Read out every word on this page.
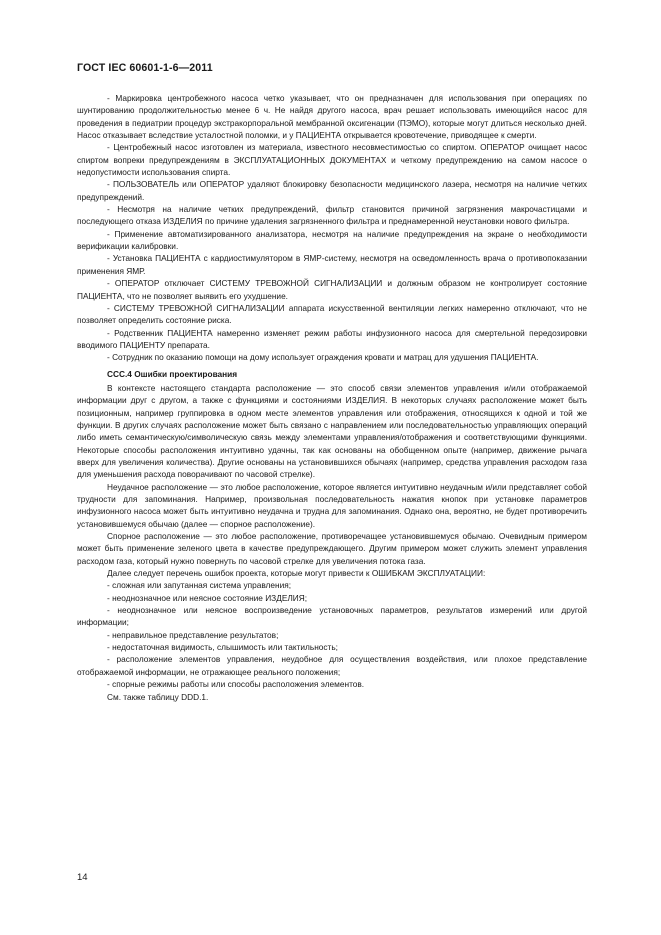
ГОСТ IEC 60601-1-6—2011

- Маркировка центробежного насоса четко указывает, что он предназначен для использования при операциях по шунтированию продолжительностью менее 6 ч. Не найдя другого насоса, врач решает использовать имеющийся насос для проведения в педиатрии процедур экстракорпоральной мембранной оксигенации (ПЭМО), которые могут длиться несколько дней. Насос отказывает вследствие усталостной поломки, и у ПАЦИЕНТА открывается кровотечение, приводящее к смерти.

- Центробежный насос изготовлен из материала, известного несовместимостью со спиртом. ОПЕРАТОР очищает насос спиртом вопреки предупреждениям в ЭКСПЛУАТАЦИОННЫХ ДОКУМЕНТАХ и четкому предупреждению на самом насосе о недопустимости использования спирта.

- ПОЛЬЗОВАТЕЛЬ или ОПЕРАТОР удаляют блокировку безопасности медицинского лазера, несмотря на наличие четких предупреждений.

- Несмотря на наличие четких предупреждений, фильтр становится причиной загрязнения макрочастицами и последующего отказа ИЗДЕЛИЯ по причине удаления загрязненного фильтра и преднамеренной неустановки нового фильтра.

- Применение автоматизированного анализатора, несмотря на наличие предупреждения на экране о необходимости верификации калибровки.

- Установка ПАЦИЕНТА с кардиостимулятором в ЯМР-систему, несмотря на осведомленность врача о противопоказании применения ЯМР.

- ОПЕРАТОР отключает СИСТЕМУ ТРЕВОЖНОЙ СИГНАЛИЗАЦИИ и должным образом не контролирует состояние ПАЦИЕНТА, что не позволяет выявить его ухудшение.

- СИСТЕМУ ТРЕВОЖНОЙ СИГНАЛИЗАЦИИ аппарата искусственной вентиляции легких намеренно отключают, что не позволяет определить состояние риска.

- Родственник ПАЦИЕНТА намеренно изменяет режим работы инфузионного насоса для смертельной передозировки вводимого ПАЦИЕНТУ препарата.

- Сотрудник по оказанию помощи на дому использует ограждения кровати и матрац для удушения ПАЦИЕНТА.

CCC.4 Ошибки проектирования

В контексте настоящего стандарта расположение — это способ связи элементов управления и/или отображаемой информации друг с другом, а также с функциями и состояниями ИЗДЕЛИЯ. В некоторых случаях расположение может быть позиционным, например группировка в одном месте элементов управления или отображения, относящихся к одной и той же функции. В других случаях расположение может быть связано с направлением или последовательностью управляющих операций либо иметь семантическую/символическую связь между элементами управления/отображения и соответствующими функциями. Некоторые способы расположения интуитивно удачны, так как основаны на обобщенном опыте (например, движение рычага вверх для увеличения количества). Другие основаны на установившихся обычаях (например, средства управления расходом газа для уменьшения расхода поворачивают по часовой стрелке).

Неудачное расположение — это любое расположение, которое является интуитивно неудачным и/или представляет собой трудности для запоминания. Например, произвольная последовательность нажатия кнопок при установке параметров инфузионного насоса может быть интуитивно неудачна и трудна для запоминания. Однако она, вероятно, не будет противоречить установившемуся обычаю (далее — спорное расположение).

Спорное расположение — это любое расположение, противоречащее установившемуся обычаю. Очевидным примером может быть применение зеленого цвета в качестве предупреждающего. Другим примером может служить элемент управления расходом газа, который нужно повернуть по часовой стрелке для увеличения потока газа.

Далее следует перечень ошибок проекта, которые могут привести к ОШИБКАМ ЭКСПЛУАТАЦИИ:

- сложная или запутанная система управления;

- неоднозначное или неясное состояние ИЗДЕЛИЯ;

- неоднозначное или неясное воспроизведение установочных параметров, результатов измерений или другой информации;

- неправильное представление результатов;

- недостаточная видимость, слышимость или тактильность;

- расположение элементов управления, неудобное для осуществления воздействия, или плохое представление отображаемой информации, не отражающее реального положения;

- спорные режимы работы или способы расположения элементов.

См. также таблицу DDD.1.

14
